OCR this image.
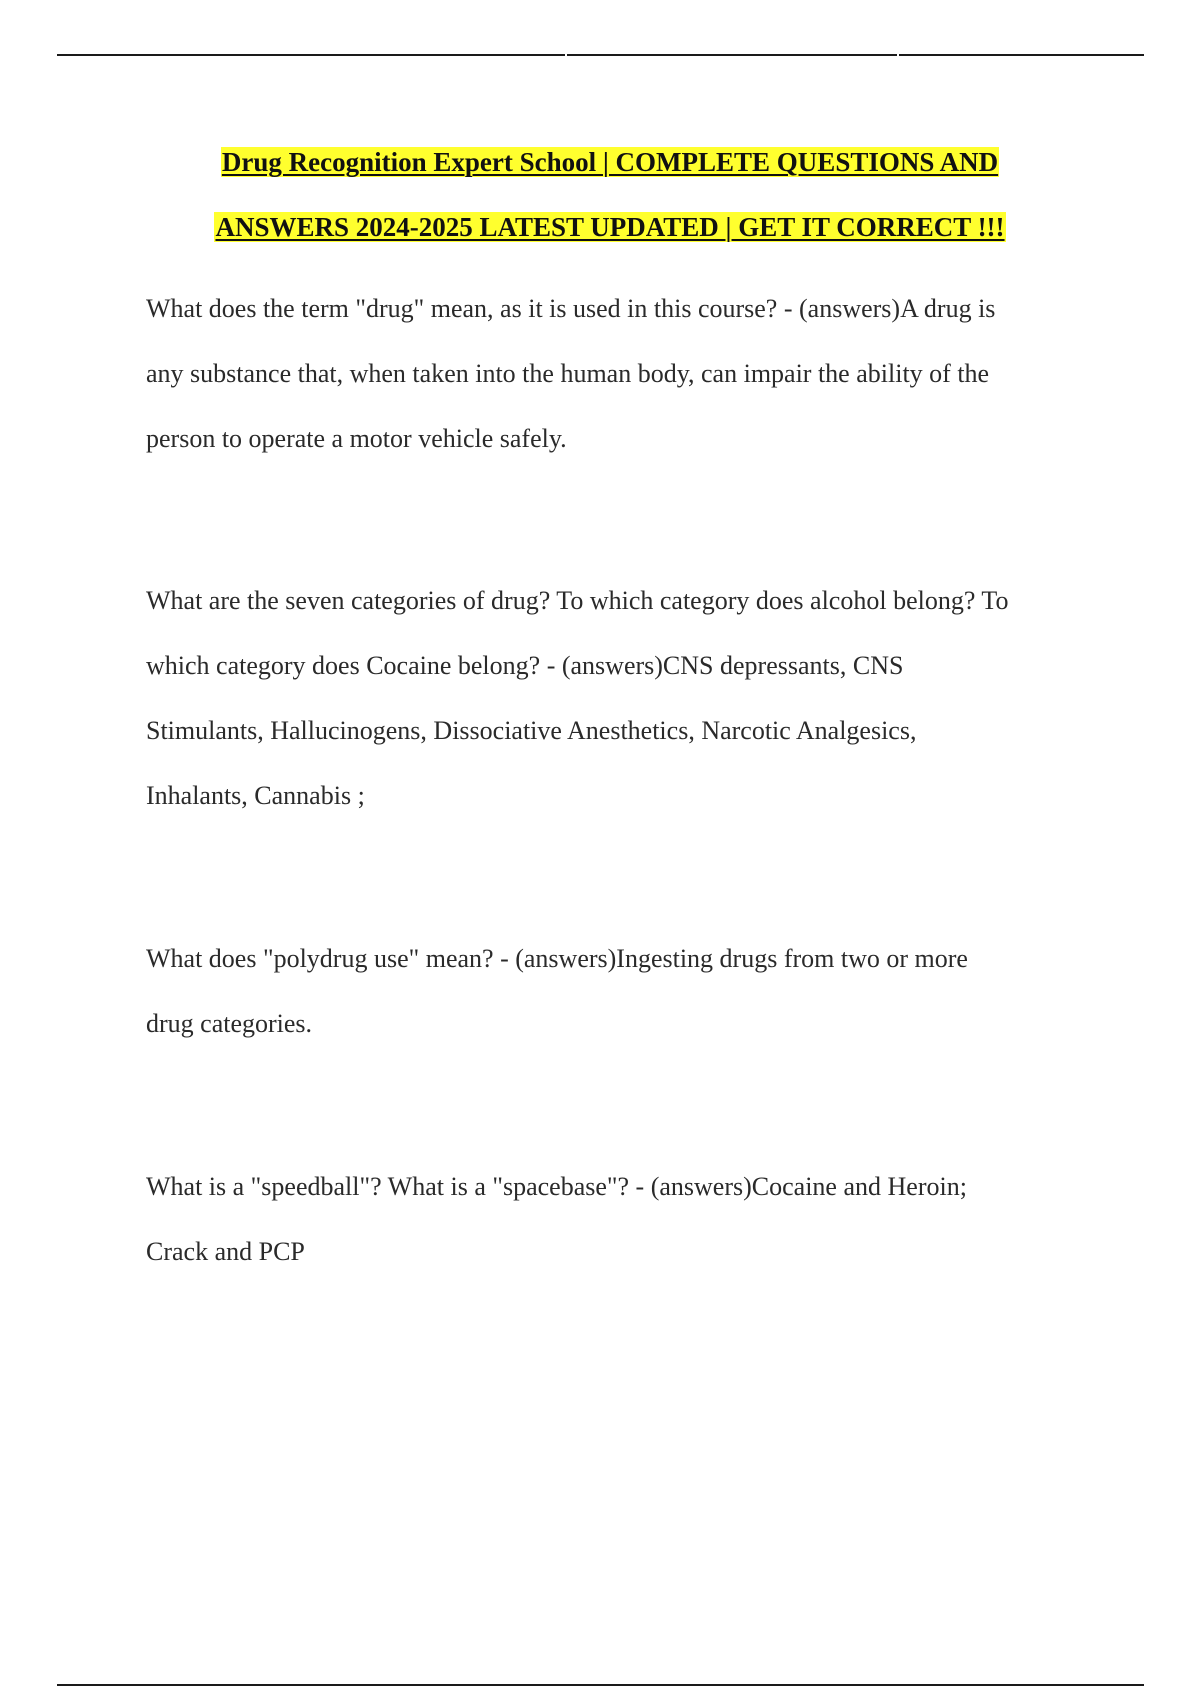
Drug Recognition Expert School | COMPLETE QUESTIONS AND
ANSWERS 2024-2025 LATEST UPDATED | GET IT CORRECT !!!
What does the term "drug" mean, as it is used in this course? - (answers)A drug is
any substance that, when taken into the human body, can impair the ability of the
person to operate a motor vehicle safely.
What are the seven categories of drug? To which category does alcohol belong? To
which category does Cocaine belong? - (answers)CNS depressants, CNS
Stimulants, Hallucinogens, Dissociative Anesthetics, Narcotic Analgesics,
Inhalants, Cannabis ;
What does "polydrug use" mean? - (answers)Ingesting drugs from two or more
drug categories.
What is a "speedball"? What is a "spacebase"? - (answers)Cocaine and Heroin;
Crack and PCP
